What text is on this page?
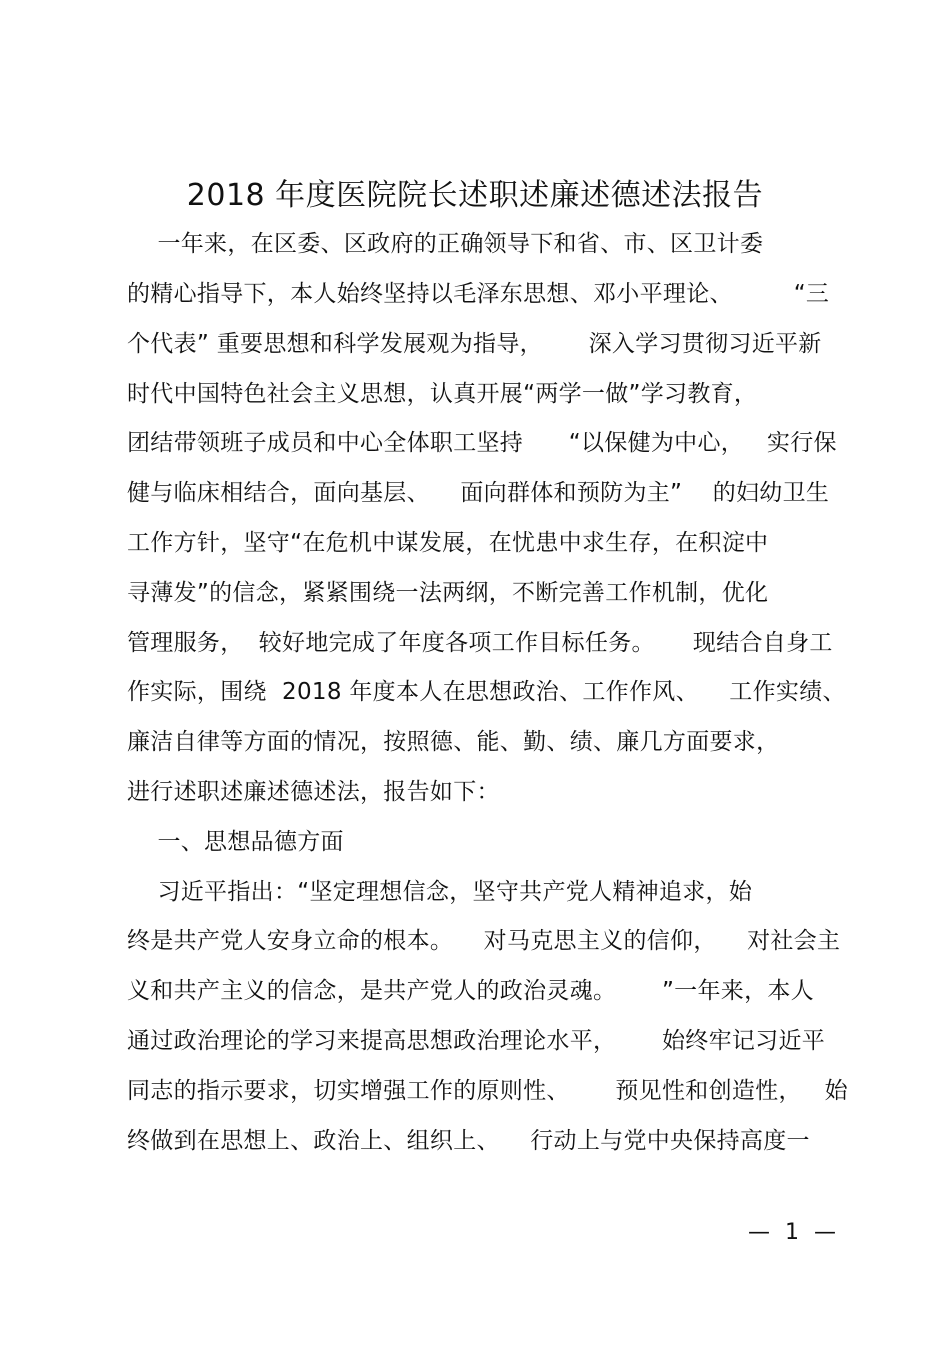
2018 年度医院院长述职述廉述德述法报告
一年来，在区委、区政府的正确领导下和省、市、区卫计委
的精心指导下，本人始终坚持以毛泽东思想、邓小平理论、        “三
个代表” 重要思想和科学发展观为指导，      深入学习贯彻习近平新
时代中国特色社会主义思想，认真开展“两学一做”学习教育，
团结带领班子成员和中心全体职工坚持      “以保健为中心，   实行保
健与临床相结合，面向基层、    面向群体和预防为主”    的妇幼卫生
工作方针，坚守“在危机中谋发展，在忧患中求生存，在积淀中
寻薄发”的信念，紧紧围绕一法两纲，不断完善工作机制，优化
管理服务，  较好地完成了年度各项工作目标任务。     现结合自身工
作实际，围绕  2018 年度本人在思想政治、工作作风、    工作实绩、
廉洁自律等方面的情况，按照德、能、勤、绩、廉几方面要求，
进行述职述廉述德述法，报告如下：
一、思想品德方面
习近平指出：“坚定理想信念，坚守共产党人精神追求，始
终是共产党人安身立命的根本。    对马克思主义的信仰，    对社会主
义和共产主义的信念，是共产党人的政治灵魂。      ”一年来，本人
通过政治理论的学习来提高思想政治理论水平，      始终牢记习近平
同志的指示要求，切实增强工作的原则性、      预见性和创造性，   始
终做到在思想上、政治上、组织上、    行动上与党中央保持高度一
— 1 —
